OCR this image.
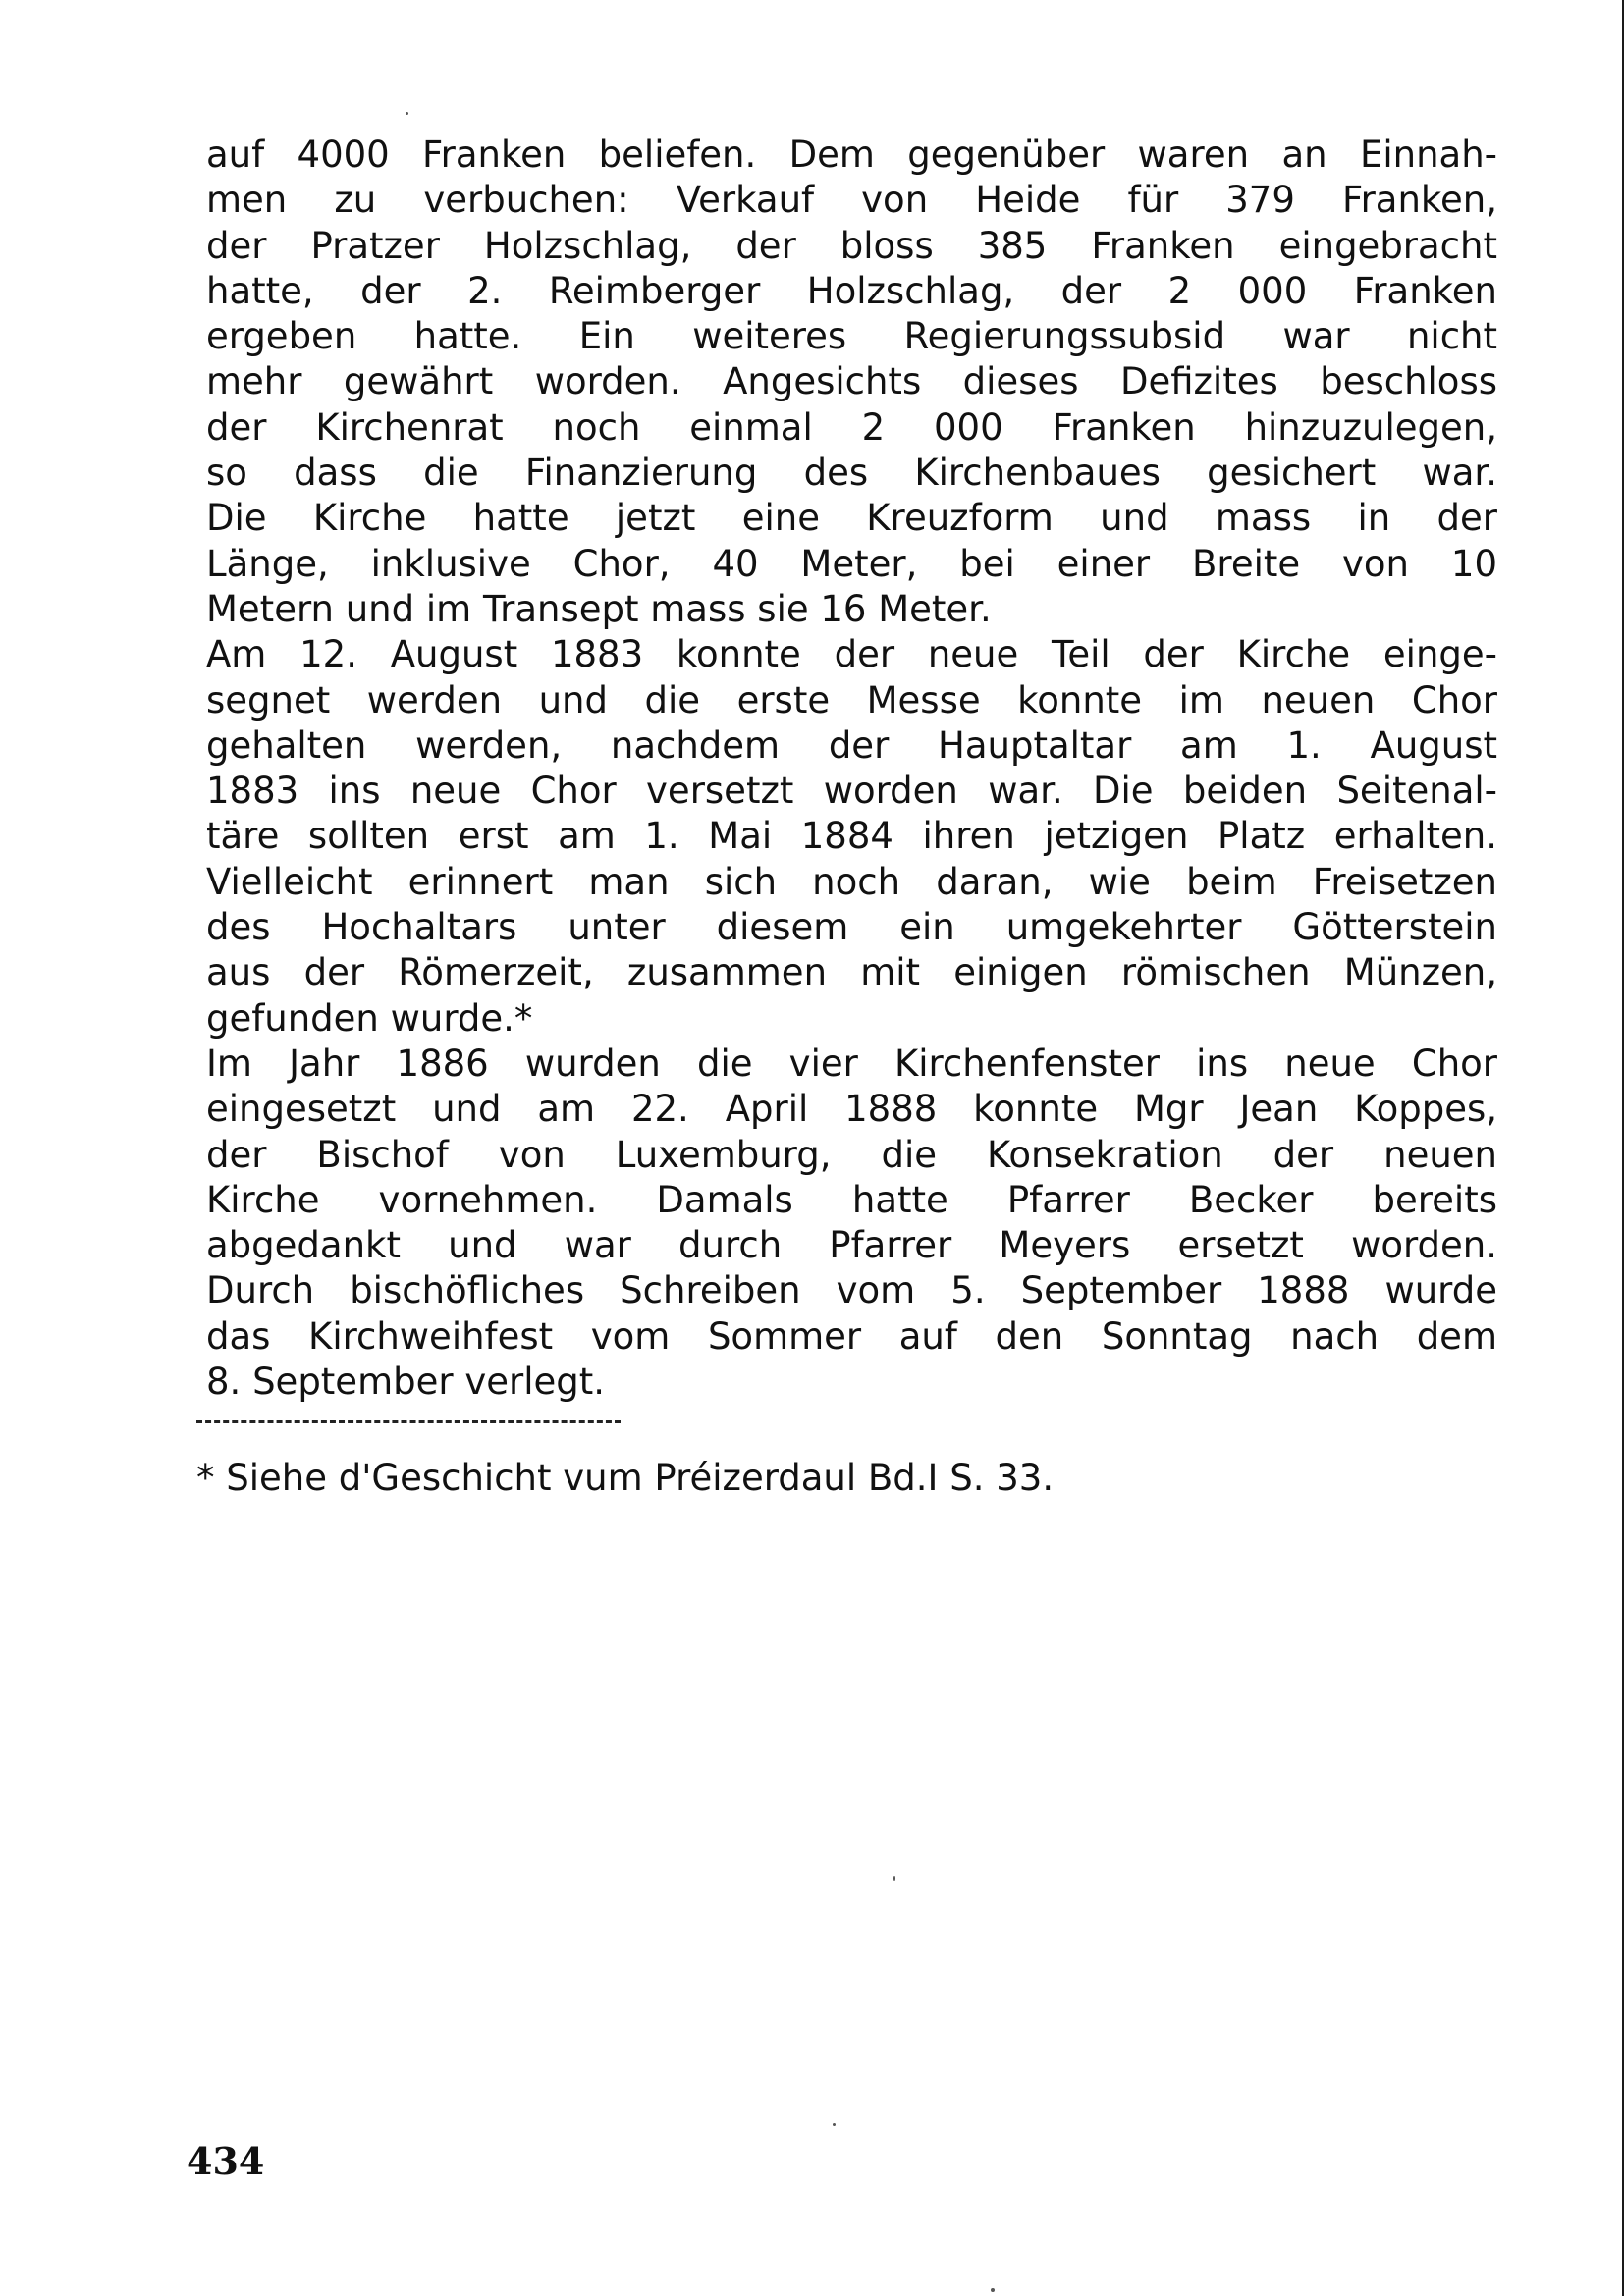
auf 4000 Franken beliefen. Dem gegenüber waren an Einnah-
men zu verbuchen: Verkauf von Heide für 379 Franken,
der Pratzer Holzschlag, der bloss 385 Franken eingebracht
hatte, der 2. Reimberger Holzschlag, der 2 000 Franken
ergeben hatte. Ein weiteres Regierungssubsid war nicht
mehr gewährt worden. Angesichts dieses Defizites beschloss
der Kirchenrat noch einmal 2 000 Franken hinzuzulegen,
so dass die Finanzierung des Kirchenbaues gesichert war.
Die Kirche hatte jetzt eine Kreuzform und mass in der
Länge, inklusive Chor, 40 Meter, bei einer Breite von 10
Metern und im Transept mass sie 16 Meter.
Am 12. August 1883 konnte der neue Teil der Kirche einge-
segnet werden und die erste Messe konnte im neuen Chor
gehalten werden, nachdem der Hauptaltar am 1. August
1883 ins neue Chor versetzt worden war. Die beiden Seitenal-
täre sollten erst am 1. Mai 1884 ihren jetzigen Platz erhalten.
Vielleicht erinnert man sich noch daran, wie beim Freisetzen
des Hochaltars unter diesem ein umgekehrter Götterstein
aus der Römerzeit, zusammen mit einigen römischen Münzen,
gefunden wurde.*
Im Jahr 1886 wurden die vier Kirchenfenster ins neue Chor
eingesetzt und am 22. April 1888 konnte Mgr Jean Koppes,
der Bischof von Luxemburg, die Konsekration der neuen
Kirche vornehmen. Damals hatte Pfarrer Becker bereits
abgedankt und war durch Pfarrer Meyers ersetzt worden.
Durch bischöfliches Schreiben vom 5. September 1888 wurde
das Kirchweihfest vom Sommer auf den Sonntag nach dem
8. September verlegt.
* Siehe d'Geschicht vum Préizerdaul Bd.I S. 33.
434
